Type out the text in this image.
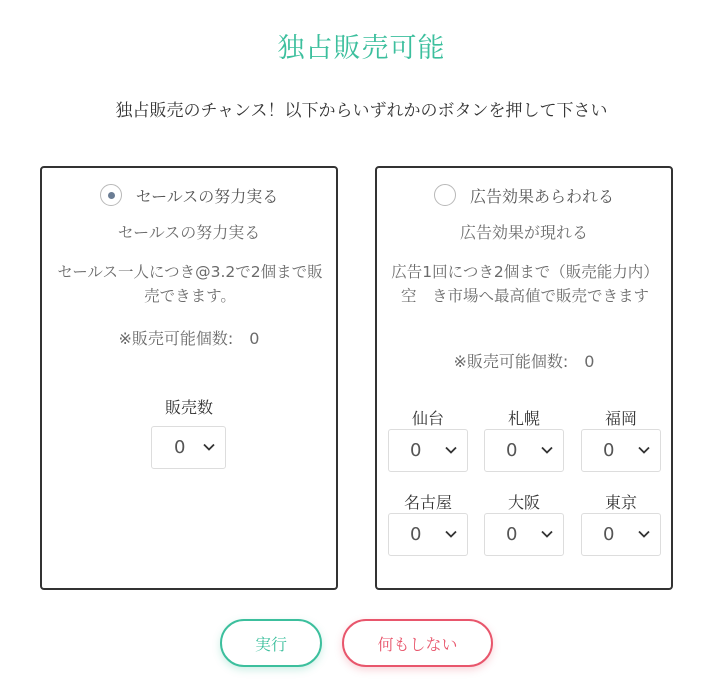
独占販売可能
独占販売のチャンス！以下からいずれかのボタンを押して下さい
セールスの努力実る
セールスの努力実る
セールス一人につき@3.2で2個まで販売できます。
※販売可能個数:　0
販売数
0
広告効果あらわれる
広告効果が現れる
広告1回につき2個まで（販売能力内）空　き市場へ最高値で販売できます
※販売可能個数:　0
仙台
0
札幌
0
福岡
0
名古屋
0
大阪
0
東京
0
実行	何もしない
